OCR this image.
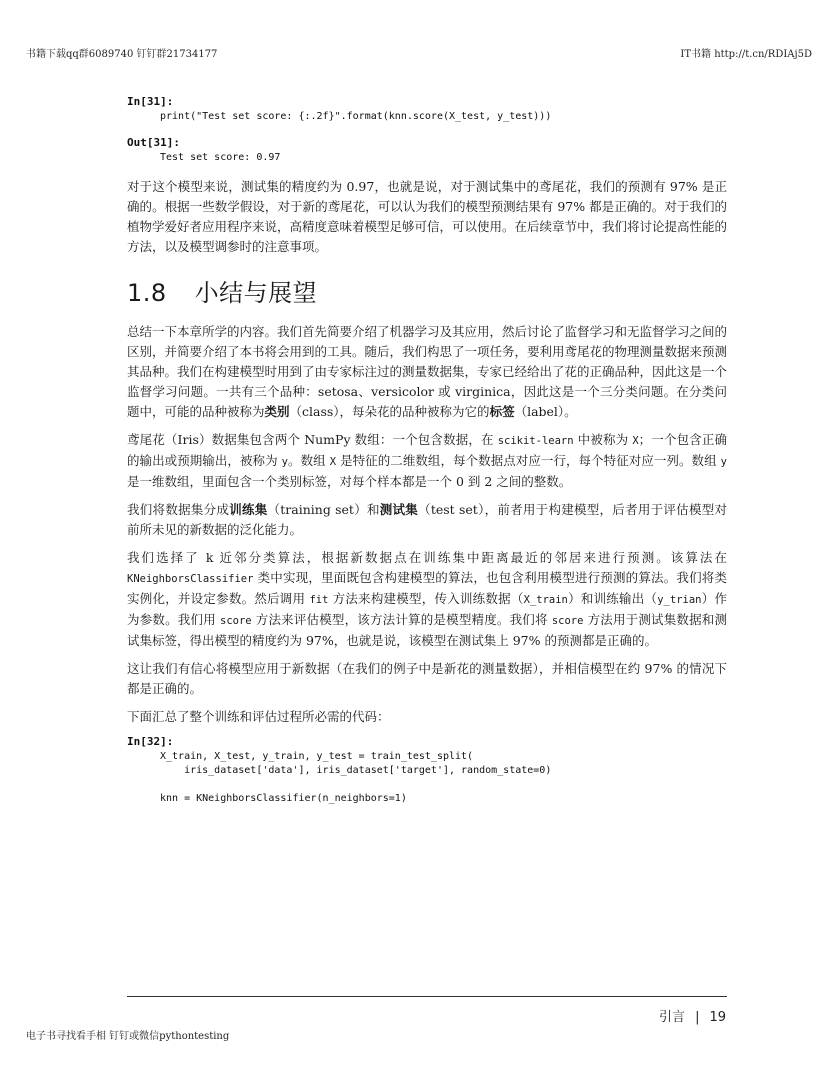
书籍下载qq群6089740 钉钉群21734177	IT书籍 http://t.cn/RDIAj5D
In[31]:
print("Test set score: {:.2f}".format(knn.score(X_test, y_test)))
Out[31]:
Test set score: 0.97

对于这个模型来说，测试集的精度约为 0.97，也就是说，对于测试集中的鸢尾花，我们的预测有 97% 是正确的。根据一些数学假设，对于新的鸢尾花，可以认为我们的模型预测结果有 97% 都是正确的。对于我们的植物学爱好者应用程序来说，高精度意味着模型足够可信，可以使用。在后续章节中，我们将讨论提高性能的方法，以及模型调参时的注意事项。

1.8 小结与展望

总结一下本章所学的内容。我们首先简要介绍了机器学习及其应用，然后讨论了监督学习和无监督学习之间的区别，并简要介绍了本书将会用到的工具。随后，我们构思了一项任务，要利用鸢尾花的物理测量数据来预测其品种。我们在构建模型时用到了由专家标注过的测量数据集，专家已经给出了花的正确品种，因此这是一个监督学习问题。一共有三个品种：setosa、versicolor 或 virginica，因此这是一个三分类问题。在分类问题中，可能的品种被称为类别（class），每朵花的品种被称为它的标签（label）。

鸢尾花（Iris）数据集包含两个 NumPy 数组：一个包含数据，在 scikit-learn 中被称为 X；一个包含正确的输出或预期输出，被称为 y。数组 X 是特征的二维数组，每个数据点对应一行，每个特征对应一列。数组 y 是一维数组，里面包含一个类别标签，对每个样本都是一个 0 到 2 之间的整数。

我们将数据集分成训练集（training set）和测试集（test set），前者用于构建模型，后者用于评估模型对前所未见的新数据的泛化能力。

我们选择了 k 近邻分类算法，根据新数据点在训练集中距离最近的邻居来进行预测。该算法在 KNeighborsClassifier 类中实现，里面既包含构建模型的算法，也包含利用模型进行预测的算法。我们将类实例化，并设定参数。然后调用 fit 方法来构建模型，传入训练数据（X_train）和训练输出（y_trian）作为参数。我们用 score 方法来评估模型，该方法计算的是模型精度。我们将 score 方法用于测试集数据和测试集标签，得出模型的精度约为 97%，也就是说，该模型在测试集上 97% 的预测都是正确的。

这让我们有信心将模型应用于新数据（在我们的例子中是新花的测量数据），并相信模型在约 97% 的情况下都是正确的。

下面汇总了整个训练和评估过程所必需的代码：

In[32]:
X_train, X_test, y_train, y_test = train_test_split(
iris_dataset['data'], iris_dataset['target'], random_state=0)
knn = KNeighborsClassifier(n_neighbors=1)
引言 | 19
电子书寻找看手相 钉钉或微信pythontesting
